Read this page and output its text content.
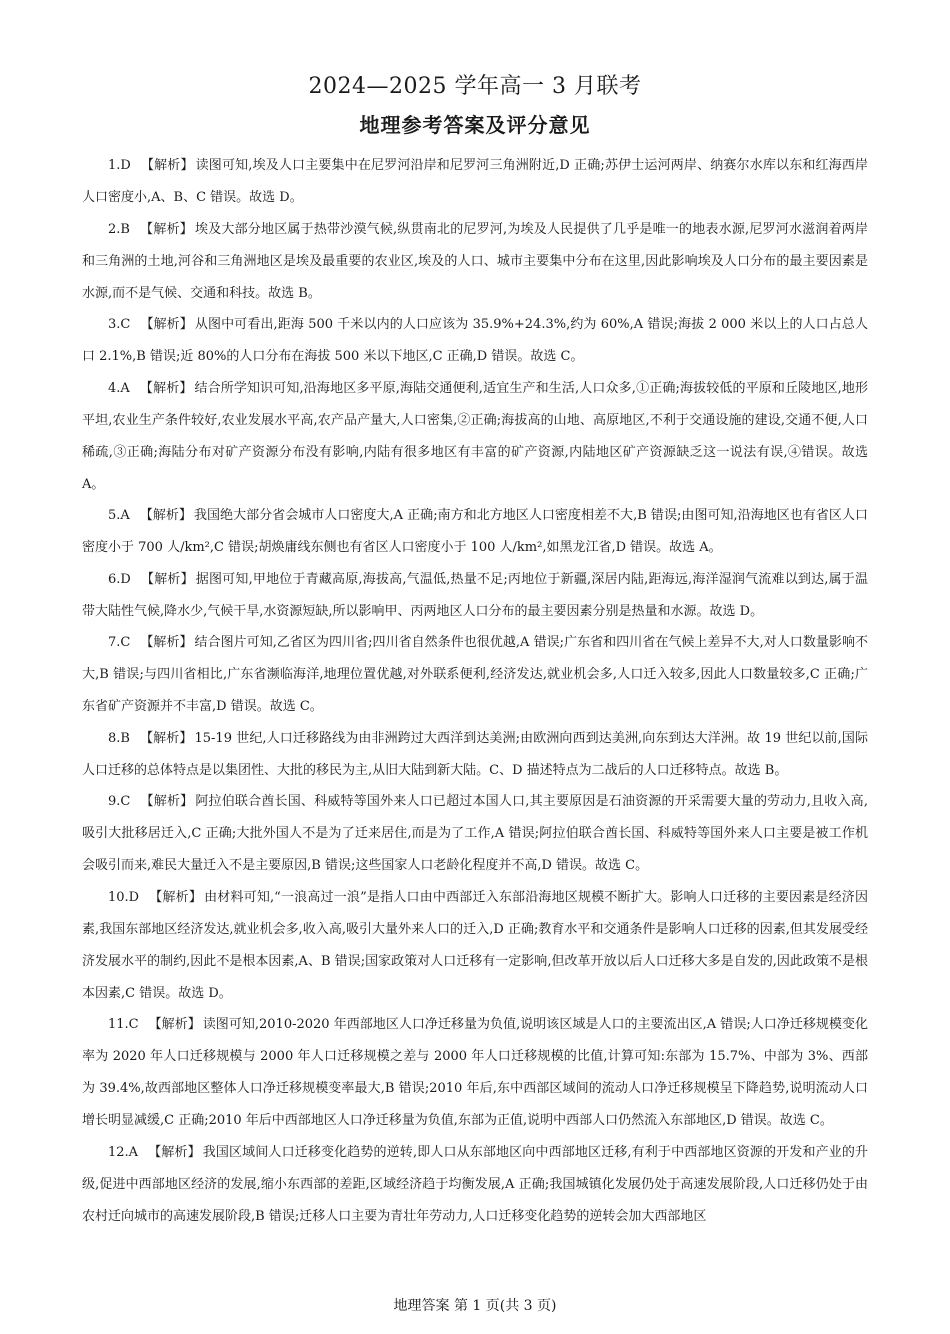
2024—2025 学年高一 3 月联考
地理参考答案及评分意见

1.D 【解析】 读图可知,埃及人口主要集中在尼罗河沿岸和尼罗河三角洲附近,D 正确;苏伊士运河两岸、纳赛尔水库以东和红海西岸人口密度小,A、B、C 错误。故选 D。

2.B 【解析】 埃及大部分地区属于热带沙漠气候,纵贯南北的尼罗河,为埃及人民提供了几乎是唯一的地表水源,尼罗河水滋润着两岸和三角洲的土地,河谷和三角洲地区是埃及最重要的农业区,埃及的人口、城市主要集中分布在这里,因此影响埃及人口分布的最主要因素是水源,而不是气候、交通和科技。故选 B。

3.C 【解析】 从图中可看出,距海 500 千米以内的人口应该为 35.9%+24.3%,约为 60%,A 错误;海拔 2 000 米以上的人口占总人口 2.1%,B 错误;近 80%的人口分布在海拔 500 米以下地区,C 正确,D 错误。故选 C。

4.A 【解析】 结合所学知识可知,沿海地区多平原,海陆交通便利,适宜生产和生活,人口众多,①正确;海拔较低的平原和丘陵地区,地形平坦,农业生产条件较好,农业发展水平高,农产品产量大,人口密集,②正确;海拔高的山地、高原地区,不利于交通设施的建设,交通不便,人口稀疏,③正确;海陆分布对矿产资源分布没有影响,内陆有很多地区有丰富的矿产资源,内陆地区矿产资源缺乏这一说法有误,④错误。故选 A。

5.A 【解析】 我国绝大部分省会城市人口密度大,A 正确;南方和北方地区人口密度相差不大,B 错误;由图可知,沿海地区也有省区人口密度小于 700 人/km²,C 错误;胡焕庸线东侧也有省区人口密度小于 100 人/km²,如黑龙江省,D 错误。故选 A。

6.D 【解析】 据图可知,甲地位于青藏高原,海拔高,气温低,热量不足;丙地位于新疆,深居内陆,距海远,海洋湿润气流难以到达,属于温带大陆性气候,降水少,气候干旱,水资源短缺,所以影响甲、丙两地区人口分布的最主要因素分别是热量和水源。故选 D。

7.C 【解析】 结合图片可知,乙省区为四川省;四川省自然条件也很优越,A 错误;广东省和四川省在气候上差异不大,对人口数量影响不大,B 错误;与四川省相比,广东省濒临海洋,地理位置优越,对外联系便利,经济发达,就业机会多,人口迁入较多,因此人口数量较多,C 正确;广东省矿产资源并不丰富,D 错误。故选 C。

8.B 【解析】 15-19 世纪,人口迁移路线为由非洲跨过大西洋到达美洲;由欧洲向西到达美洲,向东到达大洋洲。故 19 世纪以前,国际人口迁移的总体特点是以集团性、大批的移民为主,从旧大陆到新大陆。C、D 描述特点为二战后的人口迁移特点。故选 B。

9.C 【解析】 阿拉伯联合酋长国、科威特等国外来人口已超过本国人口,其主要原因是石油资源的开采需要大量的劳动力,且收入高,吸引大批移居迁入,C 正确;大批外国人不是为了迁来居住,而是为了工作,A 错误;阿拉伯联合酋长国、科威特等国外来人口主要是被工作机会吸引而来,难民大量迁入不是主要原因,B 错误;这些国家人口老龄化程度并不高,D 错误。故选 C。

10.D 【解析】 由材料可知,“一浪高过一浪”是指人口由中西部迁入东部沿海地区规模不断扩大。影响人口迁移的主要因素是经济因素,我国东部地区经济发达,就业机会多,收入高,吸引大量外来人口的迁入,D 正确;教育水平和交通条件是影响人口迁移的因素,但其发展受经济发展水平的制约,因此不是根本因素,A、B 错误;国家政策对人口迁移有一定影响,但改革开放以后人口迁移大多是自发的,因此政策不是根本因素,C 错误。故选 D。

11.C 【解析】 读图可知,2010-2020 年西部地区人口净迁移量为负值,说明该区域是人口的主要流出区,A 错误;人口净迁移规模变化率为 2020 年人口迁移规模与 2000 年人口迁移规模之差与 2000 年人口迁移规模的比值,计算可知:东部为 15.7%、中部为 3%、西部为 39.4%,故西部地区整体人口净迁移规模变率最大,B 错误;2010 年后,东中西部区域间的流动人口净迁移规模呈下降趋势,说明流动人口增长明显减缓,C 正确;2010 年后中西部地区人口净迁移量为负值,东部为正值,说明中西部人口仍然流入东部地区,D 错误。故选 C。

12.A 【解析】 我国区域间人口迁移变化趋势的逆转,即人口从东部地区向中西部地区迁移,有利于中西部地区资源的开发和产业的升级,促进中西部地区经济的发展,缩小东西部的差距,区域经济趋于均衡发展,A 正确;我国城镇化发展仍处于高速发展阶段,人口迁移仍处于由农村迁向城市的高速发展阶段,B 错误;迁移人口主要为青壮年劳动力,人口迁移变化趋势的逆转会加大西部地区

地理答案 第 1 页(共 3 页)
